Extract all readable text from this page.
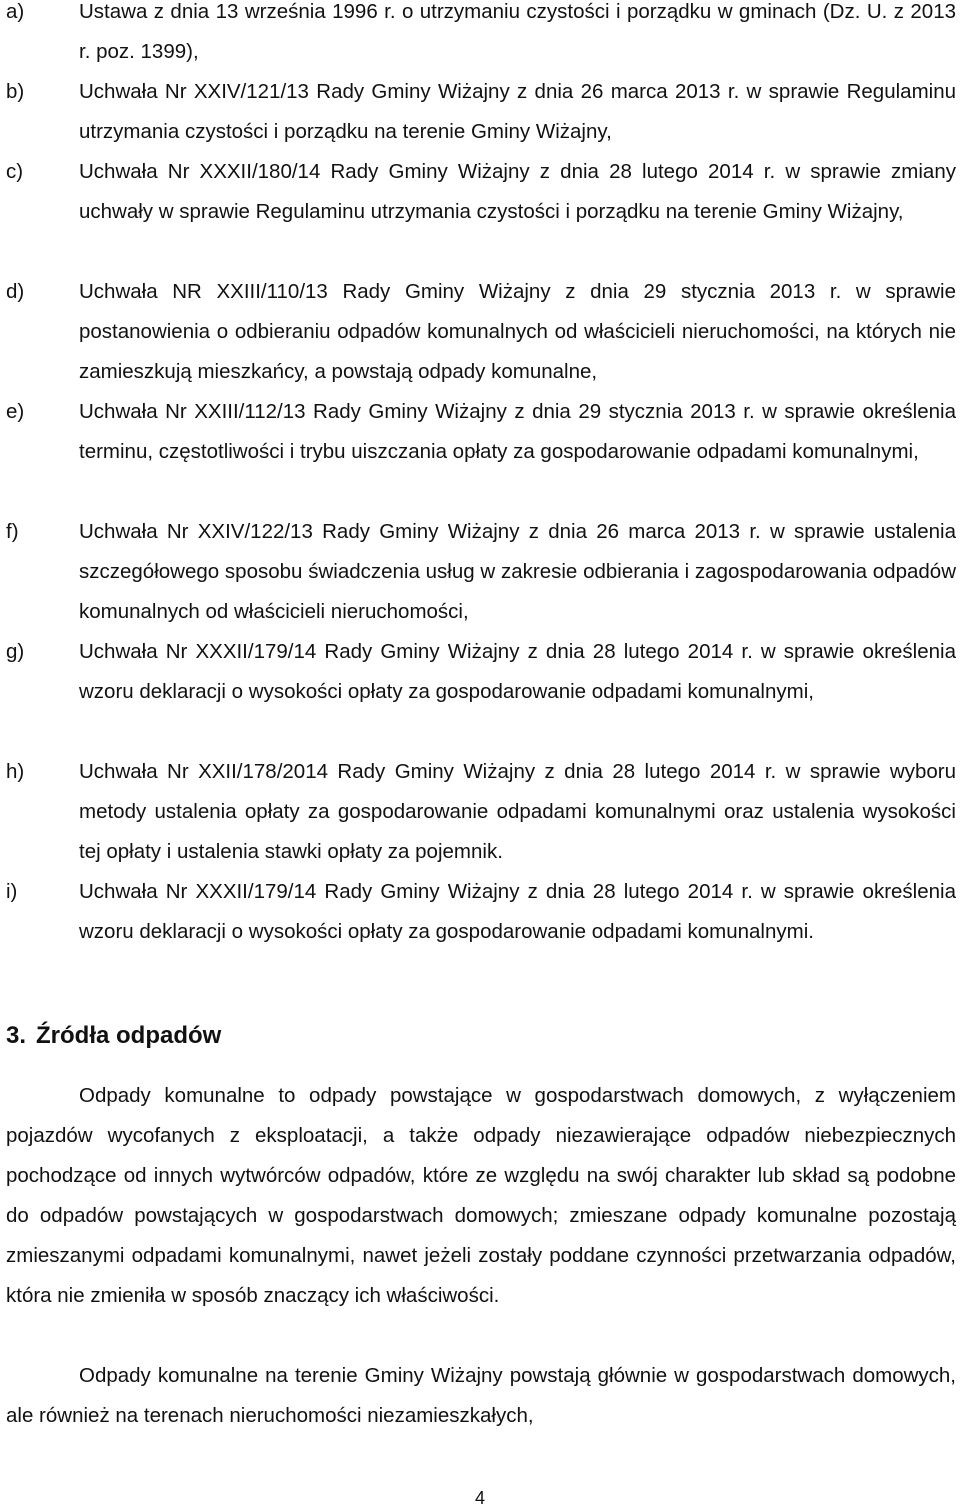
a)	Ustawa z dnia 13 września 1996 r. o utrzymaniu czystości i porządku w gminach (Dz. U. z 2013 r. poz. 1399),
b)	Uchwała Nr XXIV/121/13 Rady Gminy Wiżajny z dnia 26 marca 2013 r. w sprawie Regulaminu utrzymania czystości i porządku na terenie Gminy Wiżajny,
c)	Uchwała Nr XXXII/180/14 Rady Gminy Wiżajny z dnia 28 lutego 2014 r. w sprawie zmiany uchwały w sprawie Regulaminu utrzymania czystości i porządku na terenie Gminy Wiżajny,
d)	Uchwała NR XXIII/110/13 Rady Gminy Wiżajny z dnia 29 stycznia 2013 r. w sprawie postanowienia o odbieraniu odpadów komunalnych od właścicieli nieruchomości, na których nie zamieszkują mieszkańcy, a powstają odpady komunalne,
e)	Uchwała Nr XXIII/112/13 Rady Gminy Wiżajny z dnia 29 stycznia 2013 r. w sprawie określenia terminu, częstotliwości i trybu uiszczania opłaty za gospodarowanie odpadami komunalnymi,
f)	Uchwała Nr XXIV/122/13 Rady Gminy Wiżajny z dnia 26 marca 2013 r. w sprawie ustalenia szczegółowego sposobu świadczenia usług w zakresie odbierania i zagospodarowania odpadów komunalnych od właścicieli nieruchomości,
g)	Uchwała Nr XXXII/179/14 Rady Gminy Wiżajny z dnia 28 lutego 2014 r. w sprawie określenia wzoru deklaracji o wysokości opłaty za gospodarowanie odpadami komunalnymi,
h)	Uchwała Nr XXII/178/2014 Rady Gminy Wiżajny z dnia 28 lutego 2014 r. w sprawie wyboru metody ustalenia opłaty za gospodarowanie odpadami komunalnymi oraz ustalenia wysokości tej opłaty i ustalenia stawki opłaty za pojemnik.
i)	Uchwała Nr XXXII/179/14 Rady Gminy Wiżajny z dnia 28 lutego 2014 r. w sprawie określenia wzoru deklaracji o wysokości opłaty za gospodarowanie odpadami komunalnymi.
3. Źródła odpadów

Odpady komunalne to odpady powstające w gospodarstwach domowych, z wyłączeniem pojazdów wycofanych z eksploatacji, a także odpady niezawierające odpadów niebezpiecznych pochodzące od innych wytwórców odpadów, które ze względu na swój charakter lub skład są podobne do odpadów powstających w gospodarstwach domowych; zmieszane odpady komunalne pozostają zmieszanymi odpadami komunalnymi, nawet jeżeli zostały poddane czynności przetwarzania odpadów, która nie zmieniła w sposób znaczący ich właściwości.

Odpady komunalne na terenie Gminy Wiżajny powstają głównie w gospodarstwach domowych, ale również na terenach nieruchomości niezamieszkałych,

4
